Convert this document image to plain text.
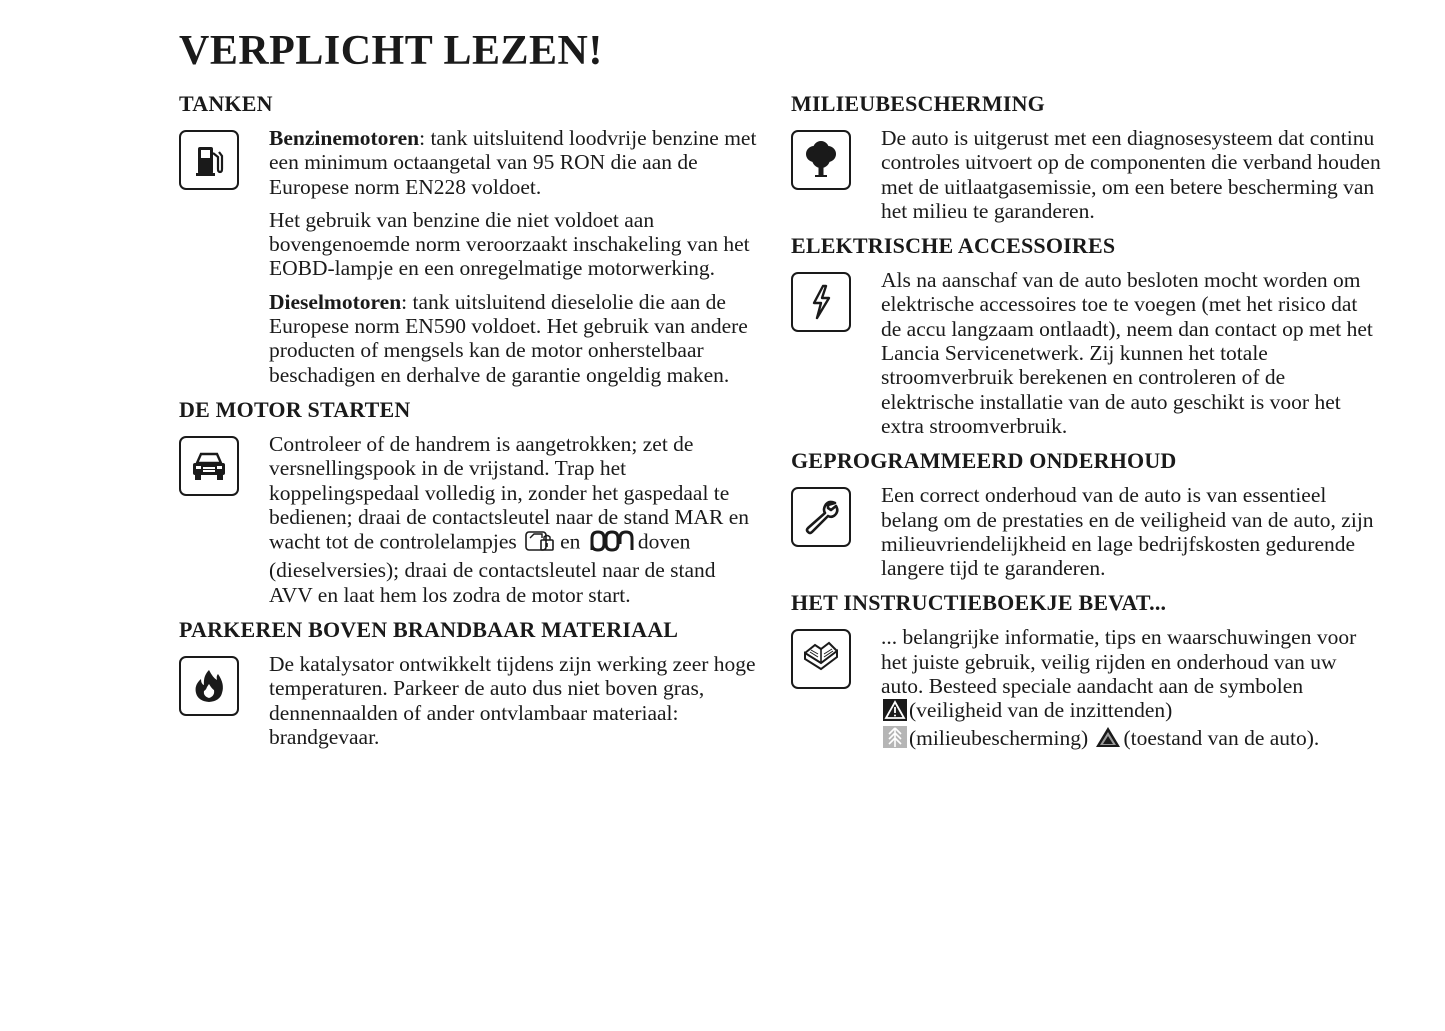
VERPLICHT LEZEN!
TANKEN

Benzinemotoren: tank uitsluitend loodvrije benzine met een minimum octaangetal van 95 RON die aan de Europese norm EN228 voldoet.

Het gebruik van benzine die niet voldoet aan bovengenoemde norm veroorzaakt inschakeling van het EOBD-lampje en een onregelmatige motorwerking.

Dieselmotoren: tank uitsluitend dieselolie die aan de Europese norm EN590 voldoet. Het gebruik van andere producten of mengsels kan de motor onherstelbaar beschadigen en derhalve de garantie ongeldig maken.

DE MOTOR STARTEN

Controleer of de handrem is aangetrokken; zet de versnellingspook in de vrijstand. Trap het koppelingspedaal volledig in, zonder het gaspedaal te bedienen; draai de contactsleutel naar de stand MAR en wacht tot de controlelampjes en	doven (dieselversies); draai de contactsleutel naar de stand AVV en laat hem los zodra de motor start.

PARKEREN BOVEN BRANDBAAR MATERIAAL

De katalysator ontwikkelt tijdens zijn werking zeer hoge temperaturen. Parkeer de auto dus niet boven gras, dennennaalden of ander ontvlambaar materiaal: brandgevaar.

MILIEUBESCHERMING

De auto is uitgerust met een diagnosesysteem dat continu controles uitvoert op de componenten die verband houden met de uitlaatgasemissie, om een betere bescherming van het milieu te garanderen.

ELEKTRISCHE ACCESSOIRES

Als na aanschaf van de auto besloten mocht worden om elektrische accessoires toe te voegen (met het risico dat de accu langzaam ontlaadt), neem dan contact op met het Lancia Servicenetwerk. Zij kunnen het totale stroomverbruik berekenen en controleren of de elektrische installatie van de auto geschikt is voor het extra stroomverbruik.

GEPROGRAMMEERD ONDERHOUD

Een correct onderhoud van de auto is van essentieel belang om de prestaties en de veiligheid van de auto, zijn milieuvriendelijkheid en lage bedrijfskosten gedurende langere tijd te garanderen.

HET INSTRUCTIEBOEKJE BEVAT...

... belangrijke informatie, tips en waarschuwingen voor het juiste gebruik, veilig rijden en onderhoud van uw auto. Besteed speciale aandacht aan de symbolen
(veiligheid van de inzittenden)
(milieubescherming) (toestand van de auto).
